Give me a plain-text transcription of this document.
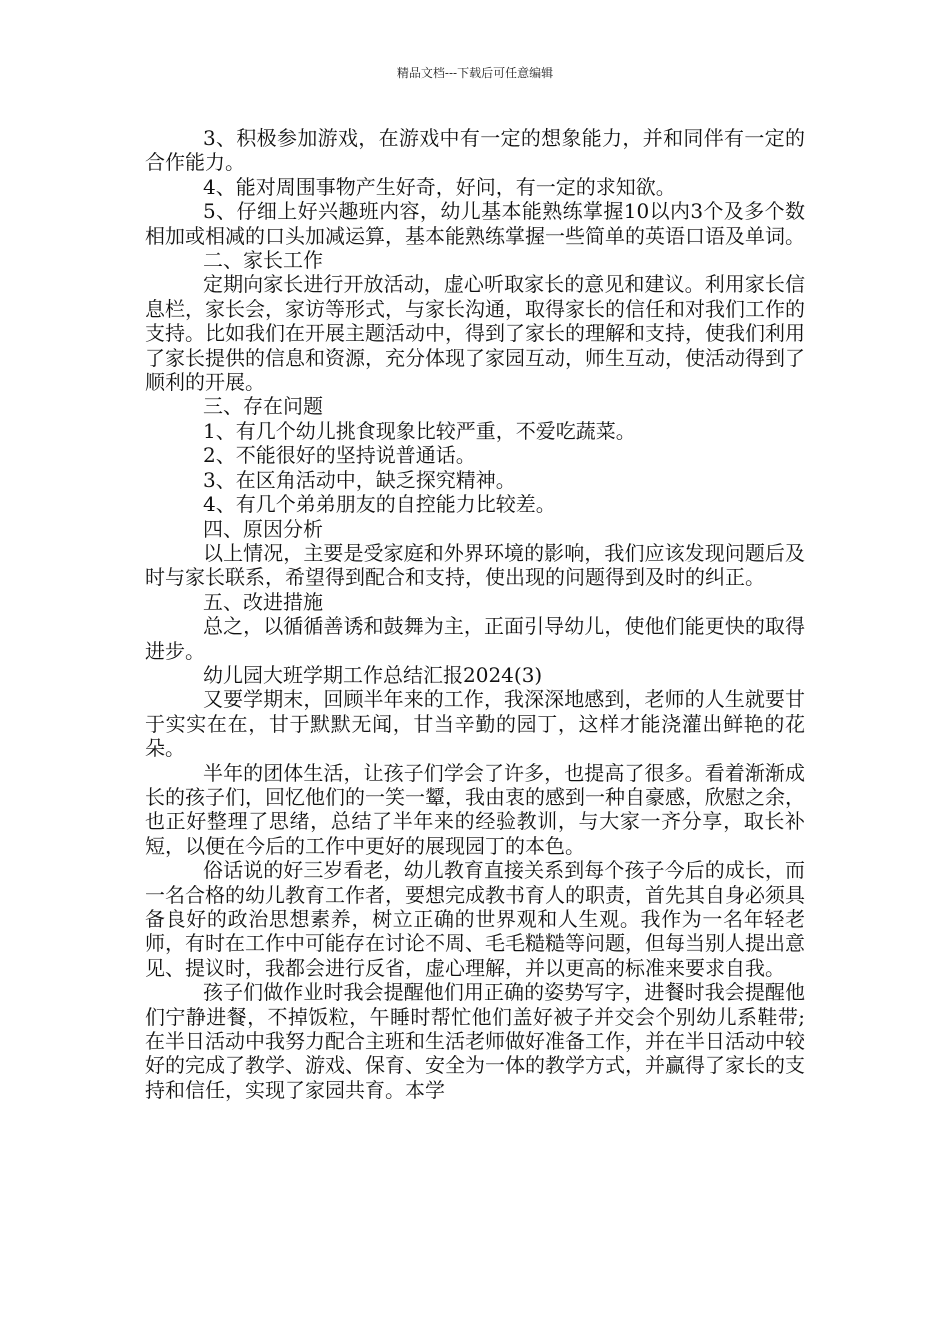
精品文档---下载后可任意编辑

3、积极参加游戏，在游戏中有一定的想象能力，并和同伴有一定的合作能力。

4、能对周围事物产生好奇，好问，有一定的求知欲。

5、仔细上好兴趣班内容，幼儿基本能熟练掌握10以内3个及多个数相加或相减的口头加减运算，基本能熟练掌握一些简单的英语口语及单词。

二、家长工作

定期向家长进行开放活动，虚心听取家长的意见和建议。利用家长信息栏，家长会，家访等形式，与家长沟通，取得家长的信任和对我们工作的支持。比如我们在开展主题活动中，得到了家长的理解和支持，使我们利用了家长提供的信息和资源，充分体现了家园互动，师生互动，使活动得到了顺利的开展。

三、存在问题

1、有几个幼儿挑食现象比较严重，不爱吃蔬菜。

2、不能很好的坚持说普通话。

3、在区角活动中，缺乏探究精神。

4、有几个弟弟朋友的自控能力比较差。

四、原因分析

以上情况，主要是受家庭和外界环境的影响，我们应该发现问题后及时与家长联系，希望得到配合和支持，使出现的问题得到及时的纠正。

五、改进措施

总之，以循循善诱和鼓舞为主，正面引导幼儿，使他们能更快的取得进步。

幼儿园大班学期工作总结汇报2024(3)

又要学期末，回顾半年来的工作，我深深地感到，老师的人生就要甘于实实在在，甘于默默无闻，甘当辛勤的园丁，这样才能浇灌出鲜艳的花朵。

半年的团体生活，让孩子们学会了许多，也提高了很多。看着渐渐成长的孩子们，回忆他们的一笑一颦，我由衷的感到一种自豪感，欣慰之余，也正好整理了思绪，总结了半年来的经验教训，与大家一齐分享，取长补短，以便在今后的工作中更好的展现园丁的本色。

俗话说的好三岁看老，幼儿教育直接关系到每个孩子今后的成长，而一名合格的幼儿教育工作者，要想完成教书育人的职责，首先其自身必须具备良好的政治思想素养，树立正确的世界观和人生观。我作为一名年轻老师，有时在工作中可能存在讨论不周、毛毛糙糙等问题，但每当别人提出意见、提议时，我都会进行反省，虚心理解，并以更高的标准来要求自我。

孩子们做作业时我会提醒他们用正确的姿势写字，进餐时我会提醒他们宁静进餐，不掉饭粒，午睡时帮忙他们盖好被子并交会个别幼儿系鞋带;在半日活动中我努力配合主班和生活老师做好准备工作，并在半日活动中较好的完成了教学、游戏、保育、安全为一体的教学方式，并赢得了家长的支持和信任，实现了家园共育。本学
